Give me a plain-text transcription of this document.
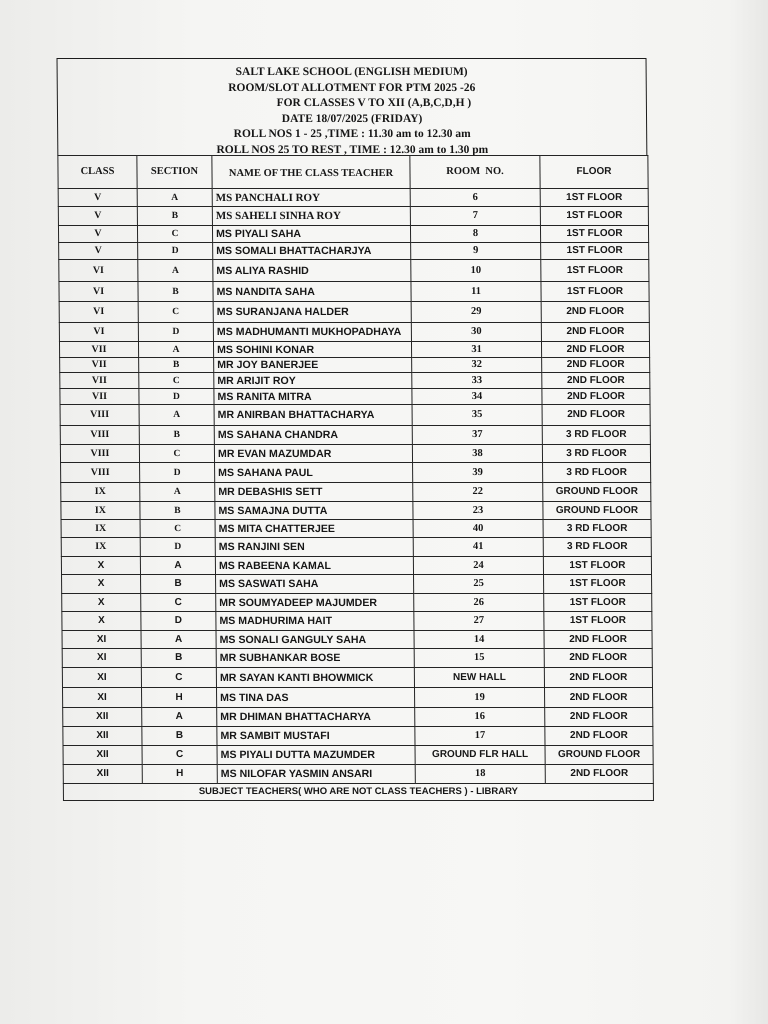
SALT LAKE SCHOOL (ENGLISH MEDIUM)
ROOM/SLOT ALLOTMENT FOR PTM 2025 -26
FOR CLASSES V TO XII (A,B,C,D,H )
DATE 18/07/2025 (FRIDAY)
ROLL NOS 1 - 25 ,TIME : 11.30 am to 12.30 am
ROLL NOS 25 TO REST , TIME : 12.30 am to 1.30 pm
CLASS	SECTION	NAME OF THE CLASS TEACHER	ROOM  NO.	FLOOR
V	A	MS PANCHALI ROY	6	1ST FLOOR
V	B	MS SAHELI SINHA ROY	7	1ST FLOOR
V	C	MS PIYALI SAHA	8	1ST FLOOR
V	D	MS SOMALI BHATTACHARJYA	9	1ST FLOOR
VI	A	MS ALIYA RASHID	10	1ST FLOOR
VI	B	MS NANDITA SAHA	11	1ST FLOOR
VI	C	MS SURANJANA HALDER	29	2ND FLOOR
VI	D	MS MADHUMANTI MUKHOPADHAYA	30	2ND FLOOR
VII	A	MS SOHINI KONAR	31	2ND FLOOR
VII	B	MR JOY BANERJEE	32	2ND FLOOR
VII	C	MR ARIJIT ROY	33	2ND FLOOR
VII	D	MS RANITA MITRA	34	2ND FLOOR
VIII	A	MR ANIRBAN BHATTACHARYA	35	2ND FLOOR
VIII	B	MS SAHANA CHANDRA	37	3 RD FLOOR
VIII	C	MR EVAN MAZUMDAR	38	3 RD FLOOR
VIII	D	MS SAHANA PAUL	39	3 RD FLOOR
IX	A	MR DEBASHIS SETT	22	GROUND FLOOR
IX	B	MS SAMAJNA DUTTA	23	GROUND FLOOR
IX	C	MS MITA CHATTERJEE	40	3 RD FLOOR
IX	D	MS RANJINI SEN	41	3 RD FLOOR
X	A	MS RABEENA KAMAL	24	1ST FLOOR
X	B	MS SASWATI SAHA	25	1ST FLOOR
X	C	MR SOUMYADEEP MAJUMDER	26	1ST FLOOR
X	D	MS MADHURIMA HAIT	27	1ST FLOOR
XI	A	MS SONALI GANGULY SAHA	14	2ND FLOOR
XI	B	MR SUBHANKAR BOSE	15	2ND FLOOR
XI	C	MR SAYAN KANTI BHOWMICK	NEW HALL	2ND FLOOR
XI	H	MS TINA DAS	19	2ND FLOOR
XII	A	MR DHIMAN BHATTACHARYA	16	2ND FLOOR
XII	B	MR SAMBIT MUSTAFI	17	2ND FLOOR
XII	C	MS PIYALI DUTTA MAZUMDER	GROUND FLR HALL	GROUND FLOOR
XII	H	MS NILOFAR YASMIN ANSARI	18	2ND FLOOR
SUBJECT TEACHERS( WHO ARE NOT CLASS TEACHERS ) - LIBRARY				
